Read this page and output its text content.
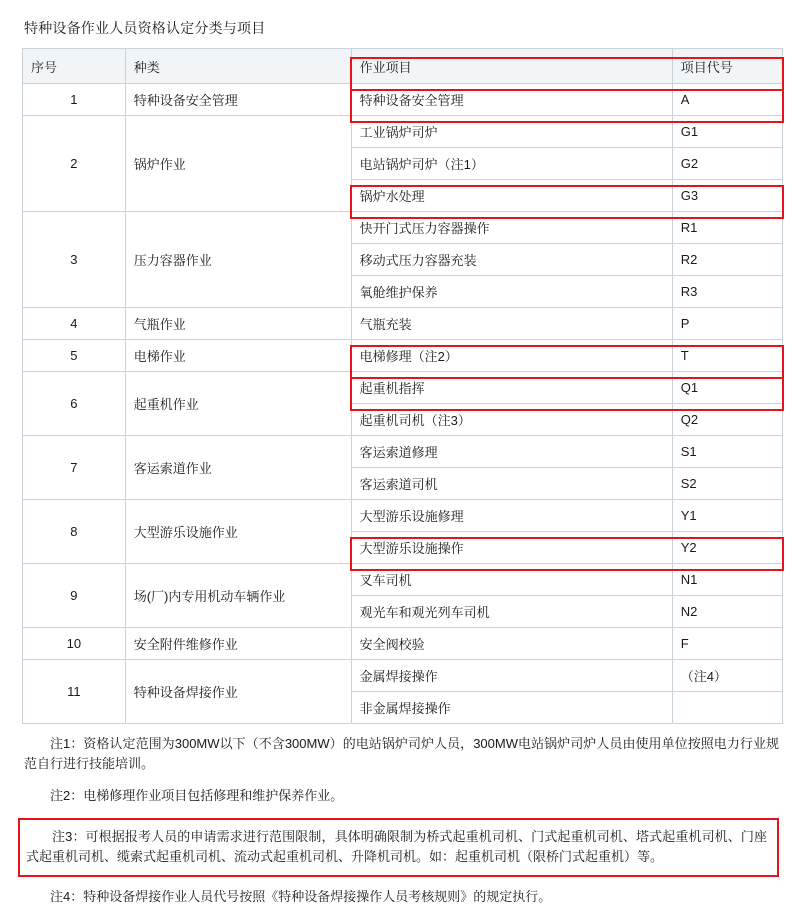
特种设备作业人员资格认定分类与项目
序号	种类	作业项目	项目代号
1	特种设备安全管理	特种设备安全管理	A
2	锅炉作业	工业锅炉司炉	G1
		电站锅炉司炉（注1）	G2
		锅炉水处理	G3
3	压力容器作业	快开门式压力容器操作	R1
		移动式压力容器充装	R2
		氧舱维护保养	R3
4	气瓶作业	气瓶充装	P
5	电梯作业	电梯修理（注2）	T
6	起重机作业	起重机指挥	Q1
		起重机司机（注3）	Q2
7	客运索道作业	客运索道修理	S1
		客运索道司机	S2
8	大型游乐设施作业	大型游乐设施修理	Y1
		大型游乐设施操作	Y2
9	场(厂)内专用机动车辆作业	叉车司机	N1
		观光车和观光列车司机	N2
10	安全附件维修作业	安全阀校验	F
11	特种设备焊接作业	金属焊接操作	（注4）
		非金属焊接操作	
注1：资格认定范围为300MW以下（不含300MW）的电站锅炉司炉人员，300MW电站锅炉司炉人员由使用单位按照电力行业规范自行进行技能培训。
注2：电梯修理作业项目包括修理和维护保养作业。

注3：可根据报考人员的申请需求进行范围限制，具体明确限制为桥式起重机司机、门式起重机司机、塔式起重机司机、门座式起重机司机、缆索式起重机司机、流动式起重机司机、升降机司机。如：起重机司机（限桥门式起重机）等。

注4：特种设备焊接作业人员代号按照《特种设备焊接操作人员考核规则》的规定执行。
